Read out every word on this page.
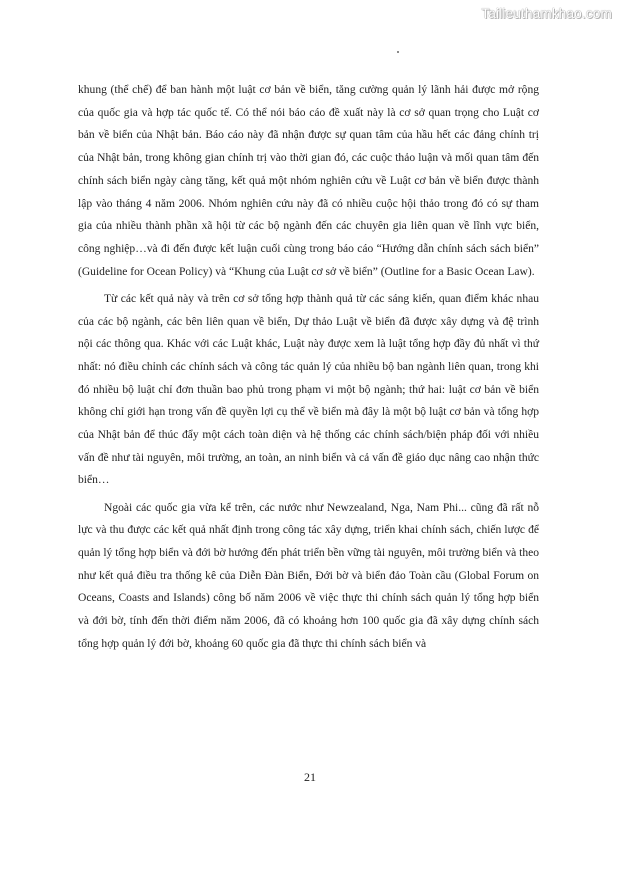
Tailieuthamkhao.com

khung (thể chế) để ban hành một luật cơ bản về biển, tăng cường quản lý lãnh hải được mở rộng của quốc gia và hợp tác quốc tế. Có thể nói báo cáo đề xuất này là cơ sở quan trọng cho Luật cơ bản về biển của Nhật bản. Báo cáo này đã nhận được sự quan tâm của hầu hết các đảng chính trị của Nhật bản, trong không gian chính trị vào thời gian đó, các cuộc thảo luận và mối quan tâm đến chính sách biển ngày càng tăng, kết quả một nhóm nghiên cứu về Luật cơ bản về biển được thành lập vào tháng 4 năm 2006. Nhóm nghiên cứu này đã có nhiều cuộc hội thảo trong đó có sự tham gia của nhiều thành phần xã hội từ các bộ ngành đến các chuyên gia liên quan về lĩnh vực biển, công nghiệp…và đi đến được kết luận cuối cùng trong báo cáo “Hướng dẫn chính sách sách biển” (Guideline for Ocean Policy) và “Khung của Luật cơ sở về biển” (Outline for a Basic Ocean Law).

Từ các kết quả này và trên cơ sở tổng hợp thành quả từ các sáng kiến, quan điểm khác nhau của các bộ ngành, các bên liên quan về biển, Dự thảo Luật về biển đã được xây dựng và đệ trình nội các thông qua. Khác với các Luật khác, Luật này được xem là luật tổng hợp đầy đủ nhất vì thứ nhất: nó điều chỉnh các chính sách và công tác quản lý của nhiều bộ ban ngành liên quan, trong khi đó nhiều bộ luật chỉ đơn thuần bao phủ trong phạm vi một bộ ngành; thứ hai: luật cơ bản về biển không chỉ giới hạn trong vấn đề quyền lợi cụ thể về biển mà đây là một bộ luật cơ bản và tổng hợp của Nhật bản để thúc đẩy một cách toàn diện và hệ thống các chính sách/biện pháp đối với nhiều vấn đề như tài nguyên, môi trường, an toàn, an ninh biển và cả vấn đề giáo dục nâng cao nhận thức biển…

Ngoài các quốc gia vừa kể trên, các nước như Newzealand, Nga, Nam Phi... cũng đã rất nỗ lực và thu được các kết quả nhất định trong công tác xây dựng, triển khai chính sách, chiến lược để quản lý tổng hợp biển và đới bờ hướng đến phát triển bền vững tài nguyên, môi trường biển và theo như kết quả điều tra thống kê của Diễn Đàn Biển, Đới bờ và biển đảo Toàn cầu (Global Forum on Oceans, Coasts and Islands) công bố năm 2006 về việc thực thi chính sách quản lý tổng hợp biển và đới bờ, tính đến thời điểm năm 2006, đã có khoảng hơn 100 quốc gia đã xây dựng chính sách tổng hợp quản lý đới bờ, khoảng 60 quốc gia đã thực thi chính sách biển và

21
